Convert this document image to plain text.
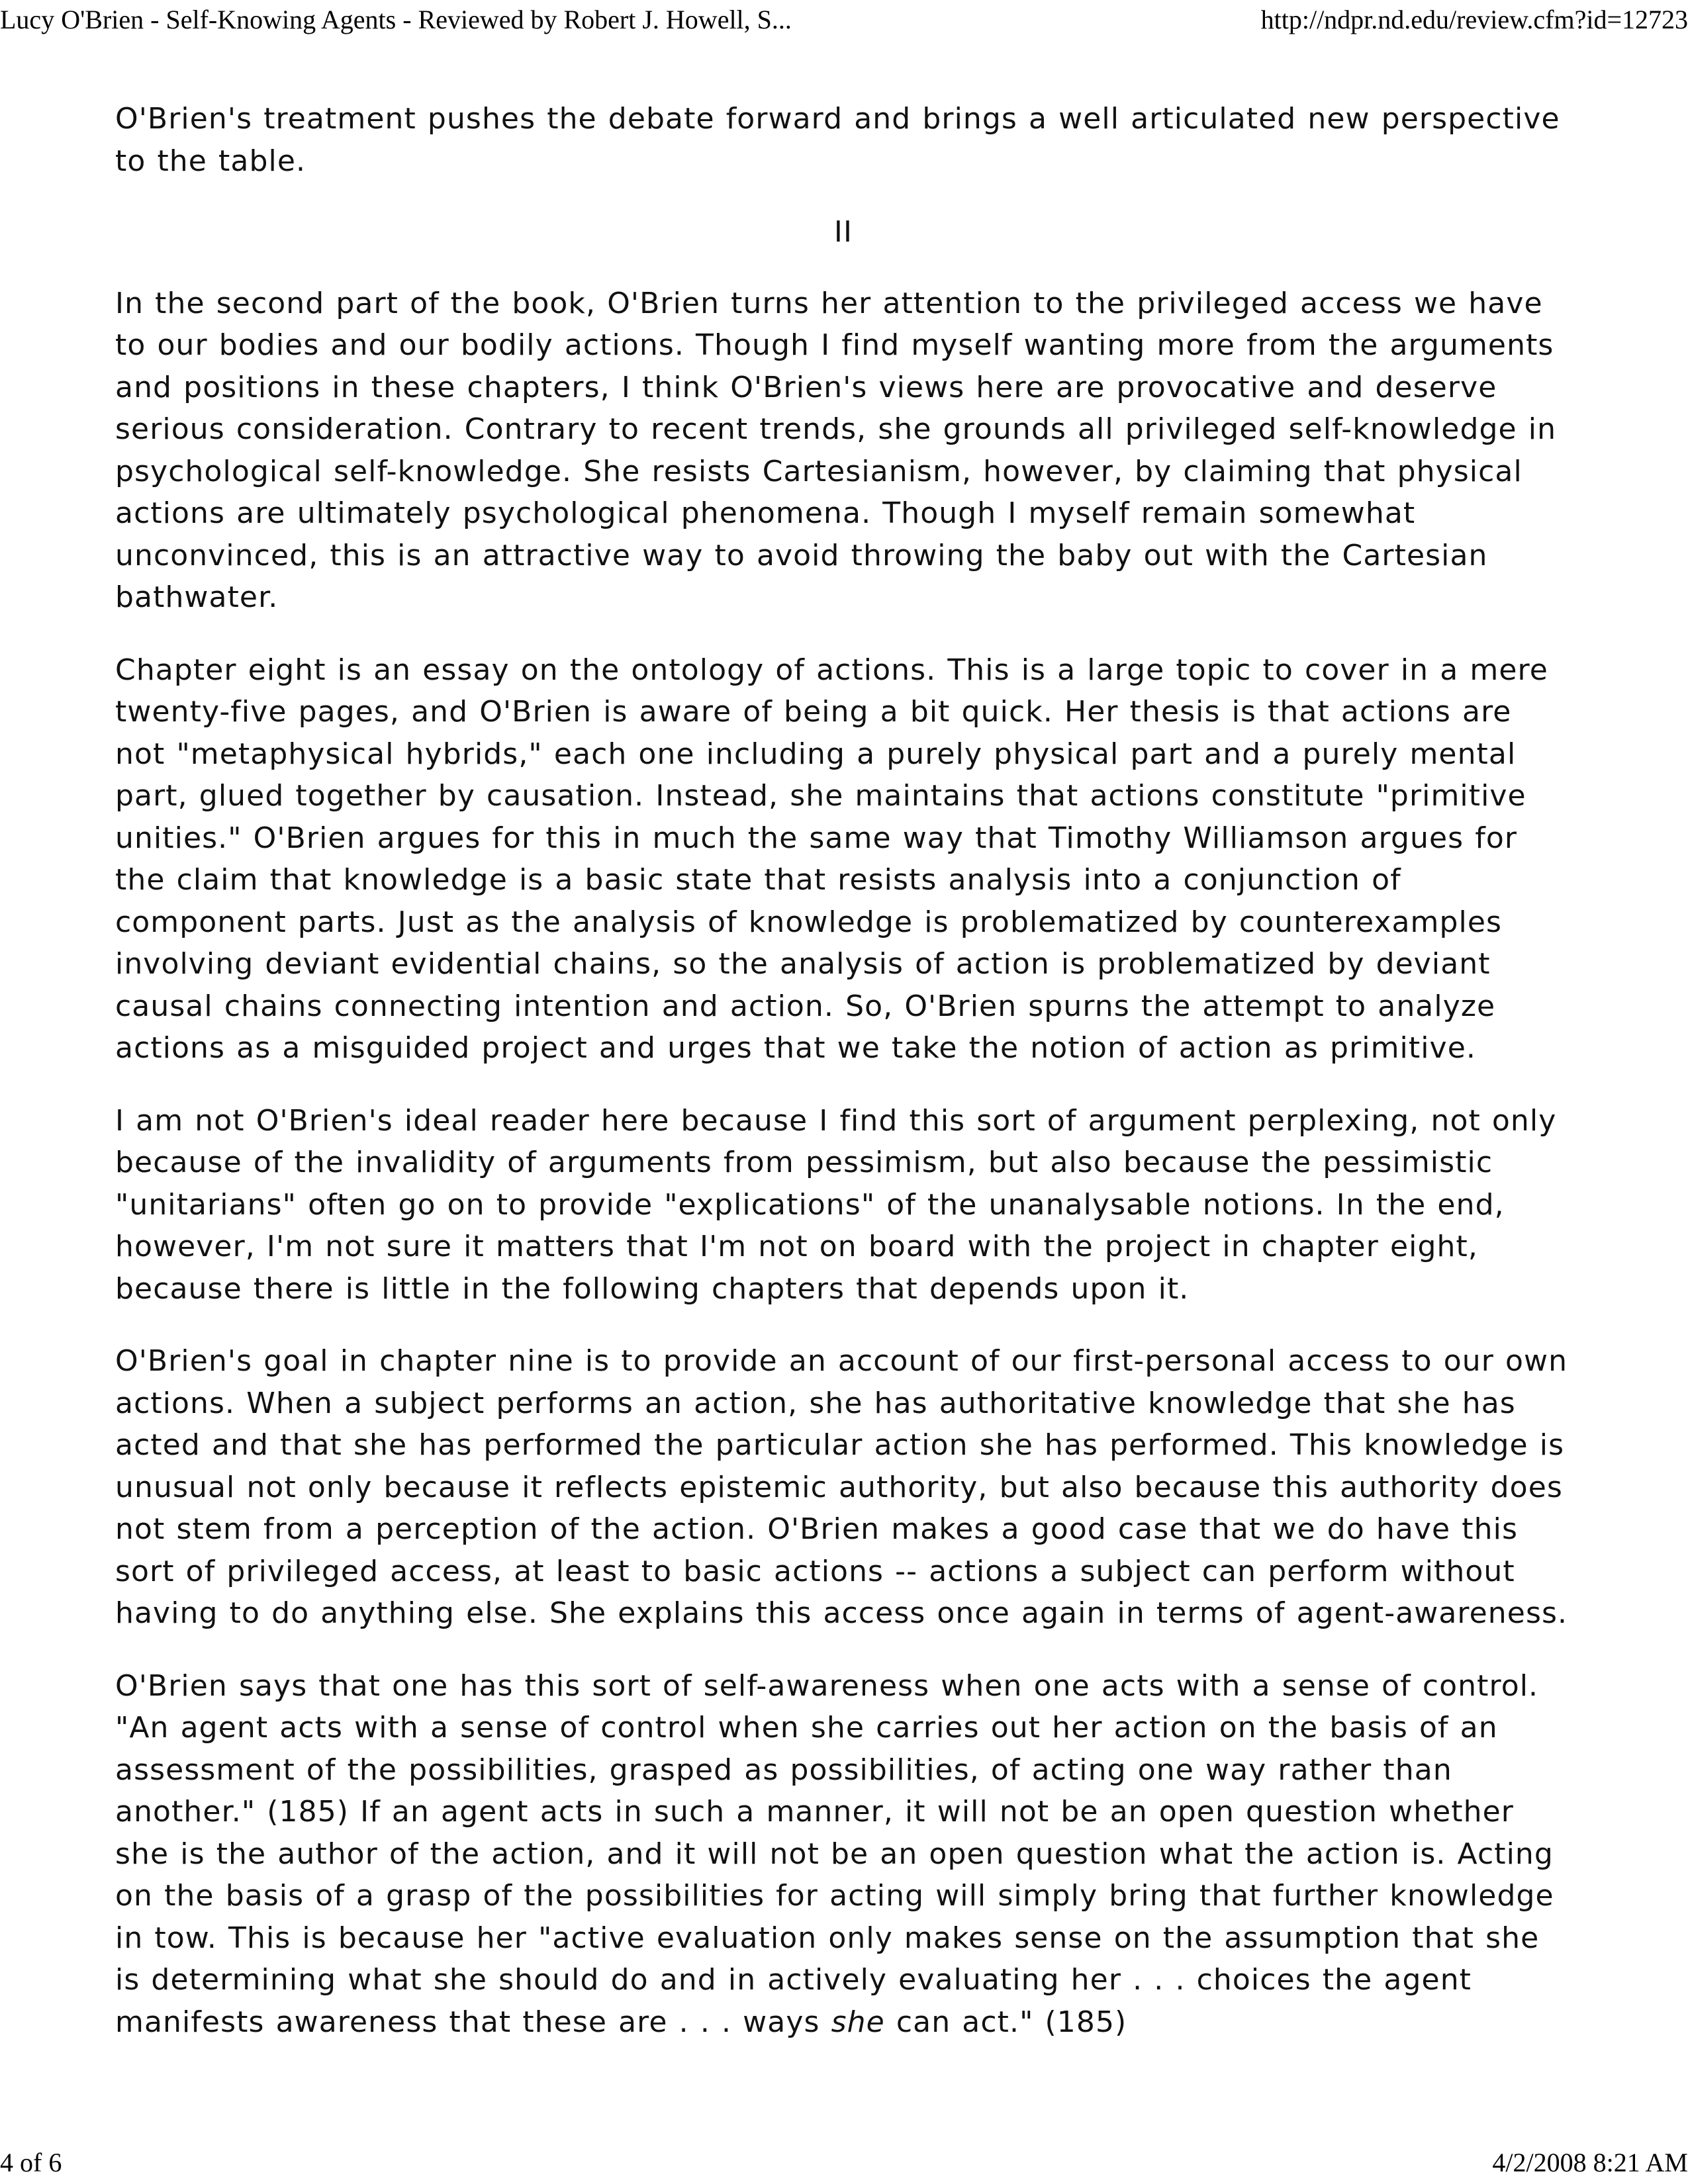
Lucy O'Brien - Self-Knowing Agents - Reviewed by Robert J. Howell, S...	http://ndpr.nd.edu/review.cfm?id=12723

O'Brien's treatment pushes the debate forward and brings a well articulated new perspective to the table.

II

In the second part of the book, O'Brien turns her attention to the privileged access we have to our bodies and our bodily actions. Though I find myself wanting more from the arguments and positions in these chapters, I think O'Brien's views here are provocative and deserve serious consideration. Contrary to recent trends, she grounds all privileged self-knowledge in psychological self-knowledge. She resists Cartesianism, however, by claiming that physical actions are ultimately psychological phenomena. Though I myself remain somewhat unconvinced, this is an attractive way to avoid throwing the baby out with the Cartesian bathwater.

Chapter eight is an essay on the ontology of actions. This is a large topic to cover in a mere twenty-five pages, and O'Brien is aware of being a bit quick. Her thesis is that actions are not "metaphysical hybrids," each one including a purely physical part and a purely mental part, glued together by causation. Instead, she maintains that actions constitute "primitive unities." O'Brien argues for this in much the same way that Timothy Williamson argues for the claim that knowledge is a basic state that resists analysis into a conjunction of component parts. Just as the analysis of knowledge is problematized by counterexamples involving deviant evidential chains, so the analysis of action is problematized by deviant causal chains connecting intention and action. So, O'Brien spurns the attempt to analyze actions as a misguided project and urges that we take the notion of action as primitive.

I am not O'Brien's ideal reader here because I find this sort of argument perplexing, not only because of the invalidity of arguments from pessimism, but also because the pessimistic "unitarians" often go on to provide "explications" of the unanalysable notions. In the end, however, I'm not sure it matters that I'm not on board with the project in chapter eight, because there is little in the following chapters that depends upon it.

O'Brien's goal in chapter nine is to provide an account of our first-personal access to our own actions. When a subject performs an action, she has authoritative knowledge that she has acted and that she has performed the particular action she has performed. This knowledge is unusual not only because it reflects epistemic authority, but also because this authority does not stem from a perception of the action. O'Brien makes a good case that we do have this sort of privileged access, at least to basic actions -- actions a subject can perform without having to do anything else. She explains this access once again in terms of agent-awareness.

O'Brien says that one has this sort of self-awareness when one acts with a sense of control. "An agent acts with a sense of control when she carries out her action on the basis of an assessment of the possibilities, grasped as possibilities, of acting one way rather than another." (185) If an agent acts in such a manner, it will not be an open question whether she is the author of the action, and it will not be an open question what the action is. Acting on the basis of a grasp of the possibilities for acting will simply bring that further knowledge in tow. This is because her "active evaluation only makes sense on the assumption that she is determining what she should do and in actively evaluating her . . . choices the agent manifests awareness that these are . . . ways she can act." (185)

4 of 6	4/2/2008 8:21 AM
